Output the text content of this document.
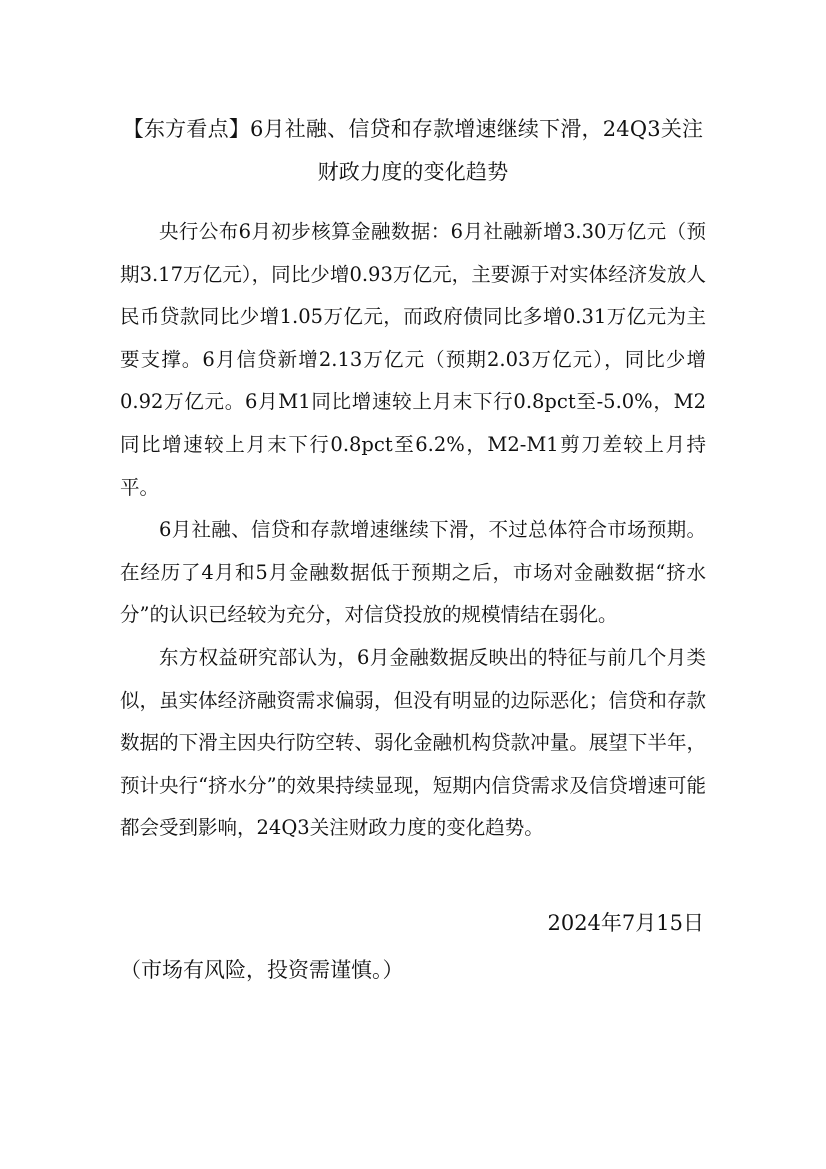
【东方看点】6月社融、信贷和存款增速继续下滑，24Q3关注财政力度的变化趋势

央行公布6月初步核算金融数据：6月社融新增3.30万亿元（预期3.17万亿元），同比少增0.93万亿元，主要源于对实体经济发放人民币贷款同比少增1.05万亿元，而政府债同比多增0.31万亿元为主要支撑。6月信贷新增2.13万亿元（预期2.03万亿元），同比少增0.92万亿元。6月M1同比增速较上月末下行0.8pct至-5.0%，M2同比增速较上月末下行0.8pct至6.2%，M2-M1剪刀差较上月持平。

6月社融、信贷和存款增速继续下滑，不过总体符合市场预期。在经历了4月和5月金融数据低于预期之后，市场对金融数据“挤水分”的认识已经较为充分，对信贷投放的规模情结在弱化。

东方权益研究部认为，6月金融数据反映出的特征与前几个月类似，虽实体经济融资需求偏弱，但没有明显的边际恶化；信贷和存款数据的下滑主因央行防空转、弱化金融机构贷款冲量。展望下半年，预计央行“挤水分”的效果持续显现，短期内信贷需求及信贷增速可能都会受到影响，24Q3关注财政力度的变化趋势。

2024年7月15日
（市场有风险，投资需谨慎。）
